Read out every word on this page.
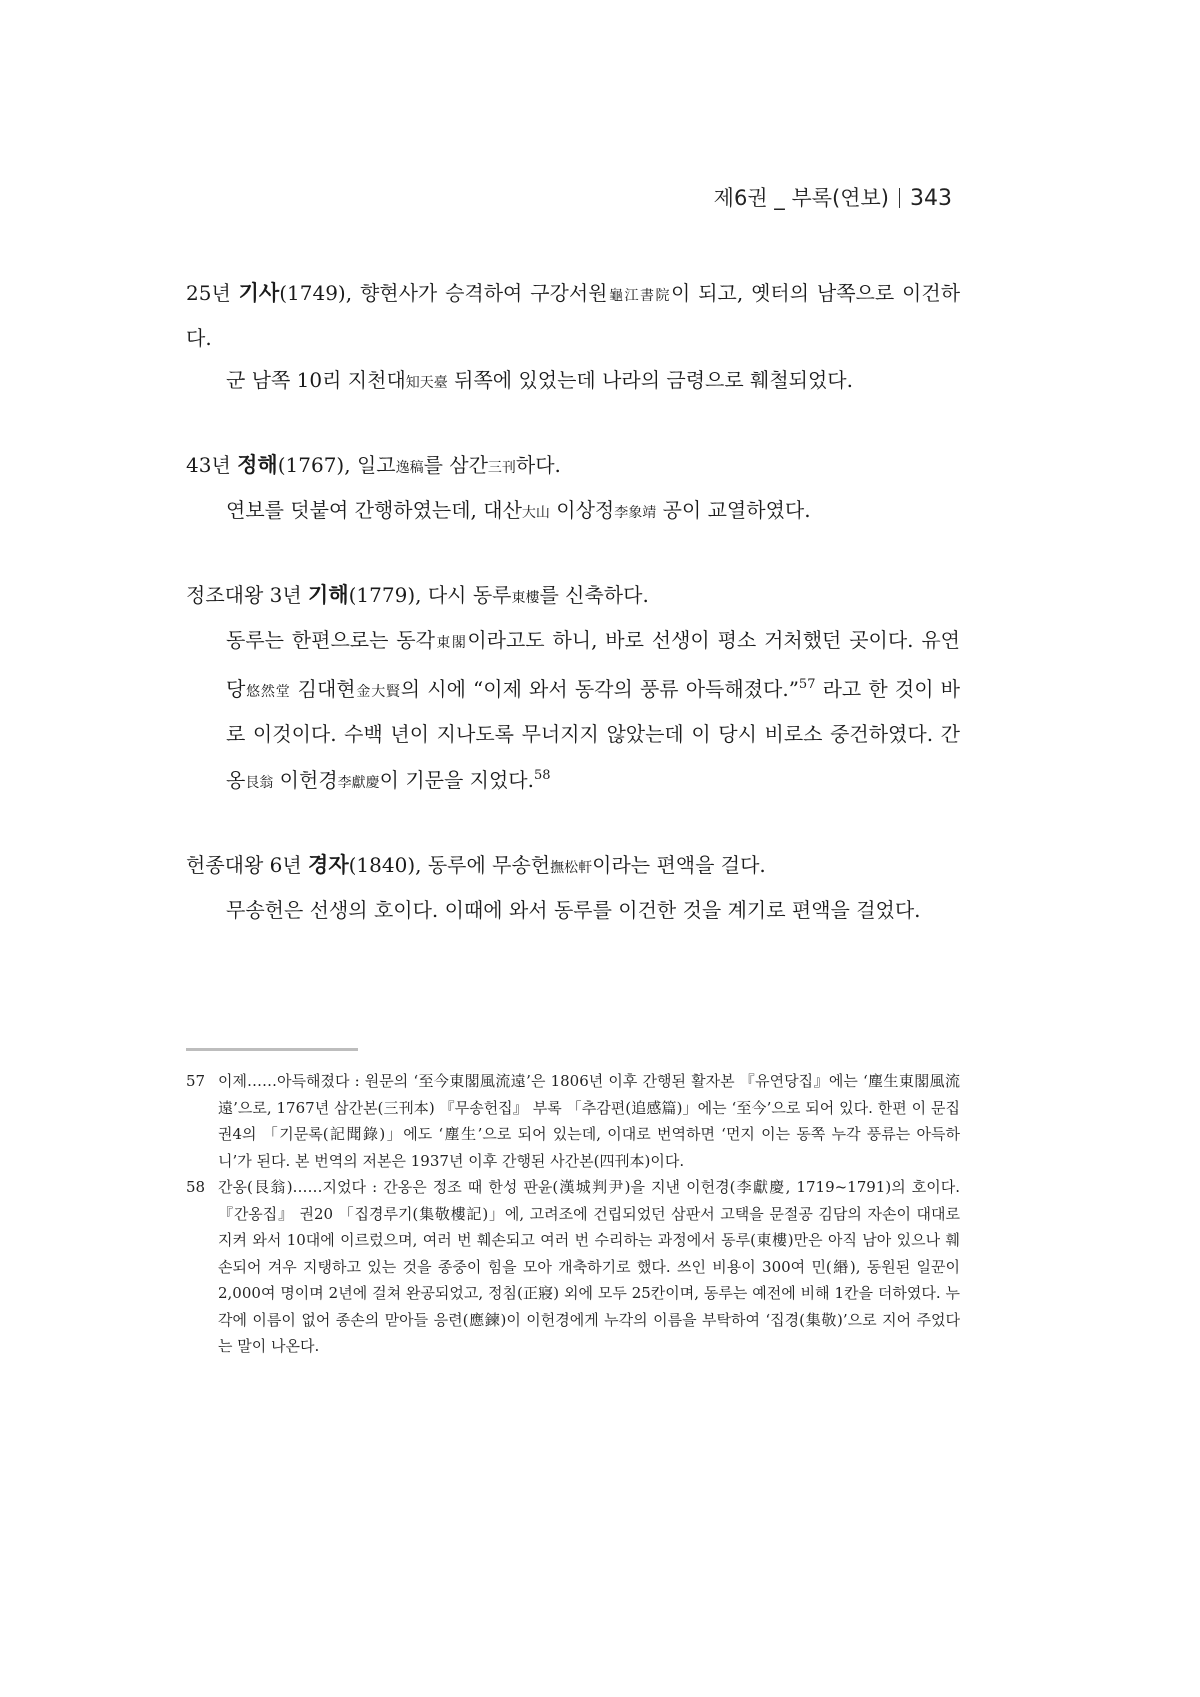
제6권 _ 부록(연보) 343

25년 기사(1749), 향현사가 승격하여 구강서원龜江書院이 되고, 옛터의 남쪽으로 이건하다.

군 남쪽 10리 지천대知天臺 뒤쪽에 있었는데 나라의 금령으로 훼철되었다.

43년 정해(1767), 일고逸稿를 삼간三刊하다.

연보를 덧붙여 간행하였는데, 대산大山 이상정李象靖 공이 교열하였다.

정조대왕 3년 기해(1779), 다시 동루東樓를 신축하다.

동루는 한편으로는 동각東閣이라고도 하니, 바로 선생이 평소 거처했던 곳이다. 유연당悠然堂 김대현金大賢의 시에 “이제 와서 동각의 풍류 아득해졌다.”$^{57}$ 라고 한 것이 바로 이것이다. 수백 년이 지나도록 무너지지 않았는데 이 당시 비로소 중건하였다. 간옹艮翁 이헌경李獻慶이 기문을 지었다.$^{58}$

헌종대왕 6년 경자(1840), 동루에 무송헌撫松軒이라는 편액을 걸다.

무송헌은 선생의 호이다. 이때에 와서 동루를 이건한 것을 계기로 편액을 걸었다.

57 이제……아득해졌다 : 원문의 ‘至今東閣風流遠’은 1806년 이후 간행된 활자본 『유연당집』에는 ‘塵生東閣風流遠’으로, 1767년 삼간본(三刊本) 『무송헌집』 부록 「추감편(追感篇)」에는 ‘至今’으로 되어 있다. 한편 이 문집 권4의 「기문록(記聞錄)」에도 ‘塵生’으로 되어 있는데, 이대로 번역하면 ‘먼지 이는 동쪽 누각 풍류는 아득하니’가 된다. 본 번역의 저본은 1937년 이후 간행된 사간본(四刊本)이다.
58 간옹(艮翁)……지었다 : 간옹은 정조 때 한성 판윤(漢城判尹)을 지낸 이헌경(李獻慶, 1719~1791)의 호이다. 『간옹집』 권20 「집경루기(集敬樓記)」에, 고려조에 건립되었던 삼판서 고택을 문절공 김담의 자손이 대대로 지켜 와서 10대에 이르렀으며, 여러 번 훼손되고 여러 번 수리하는 과정에서 동루(東樓)만은 아직 남아 있으나 훼손되어 겨우 지탱하고 있는 것을 종중이 힘을 모아 개축하기로 했다. 쓰인 비용이 300여 민(緡), 동원된 일꾼이 2,000여 명이며 2년에 걸쳐 완공되었고, 정침(正寢) 외에 모두 25칸이며, 동루는 예전에 비해 1칸을 더하였다. 누각에 이름이 없어 종손의 맏아들 응련(應鍊)이 이헌경에게 누각의 이름을 부탁하여 ‘집경(集敬)’으로 지어 주었다는 말이 나온다.
